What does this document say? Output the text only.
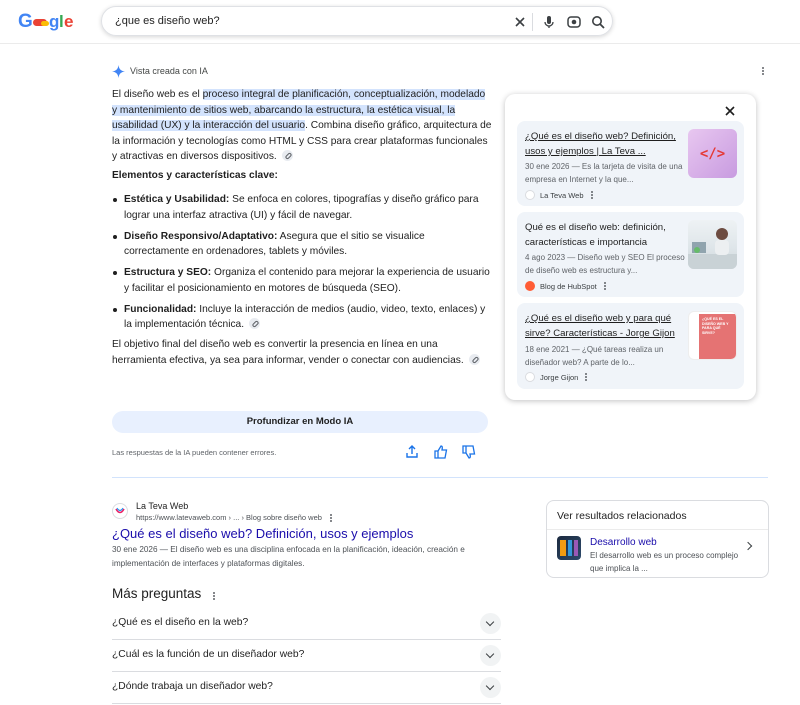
G g l e	¿que es diseño web?
Vista creada con IA
El diseño web es el proceso integral de planificación, conceptualización, modelado y mantenimiento de sitios web, abarcando la estructura, la estética visual, la usabilidad (UX) y la interacción del usuario. Combina diseño gráfico, arquitectura de la información y tecnologías como HTML y CSS para crear plataformas funcionales y atractivas en diversos dispositivos.
Elementos y características clave:
Estética y Usabilidad: Se enfoca en colores, tipografías y diseño gráfico para lograr una interfaz atractiva (UI) y fácil de navegar.
Diseño Responsivo/Adaptativo: Asegura que el sitio se visualice correctamente en ordenadores, tablets y móviles.
Estructura y SEO: Organiza el contenido para mejorar la experiencia de usuario y facilitar el posicionamiento en motores de búsqueda (SEO).
Funcionalidad: Incluye la interacción de medios (audio, video, texto, enlaces) y la implementación técnica.
El objetivo final del diseño web es convertir la presencia en línea en una herramienta efectiva, ya sea para informar, vender o conectar con audiencias.
Profundizar en Modo IA
Las respuestas de la IA pueden contener errores.
¿Qué es el diseño web? Definición, usos y ejemplos | La Teva ...
30 ene 2026 — Es la tarjeta de visita de una empresa en Internet y la que...
</>
La Teva Web
Qué es el diseño web: definición, características e importancia
4 ago 2023 — Diseño web y SEO El proceso de diseño web es estructura y...
Blog de HubSpot
¿Qué es el diseño web y para qué sirve? Características - Jorge Gijon
18 ene 2021 — ¿Qué tareas realiza un diseñador web? A parte de lo...
¿QUÉ ES EL DISEÑO WEB Y PARA QUÉ SIRVE?
Jorge Gijon
La Teva Web
https://www.latevaweb.com › ... › Blog sobre diseño web
¿Qué es el diseño web? Definición, usos y ejemplos
30 ene 2026 — El diseño web es una disciplina enfocada en la planificación, ideación, creación e implementación de interfaces y plataformas digitales.
Más preguntas
¿Qué es el diseño en la web?
¿Cuál es la función de un diseñador web?
¿Dónde trabaja un diseñador web?
Ver resultados relacionados
Desarrollo web
El desarrollo web es un proceso complejo que implica la ...
